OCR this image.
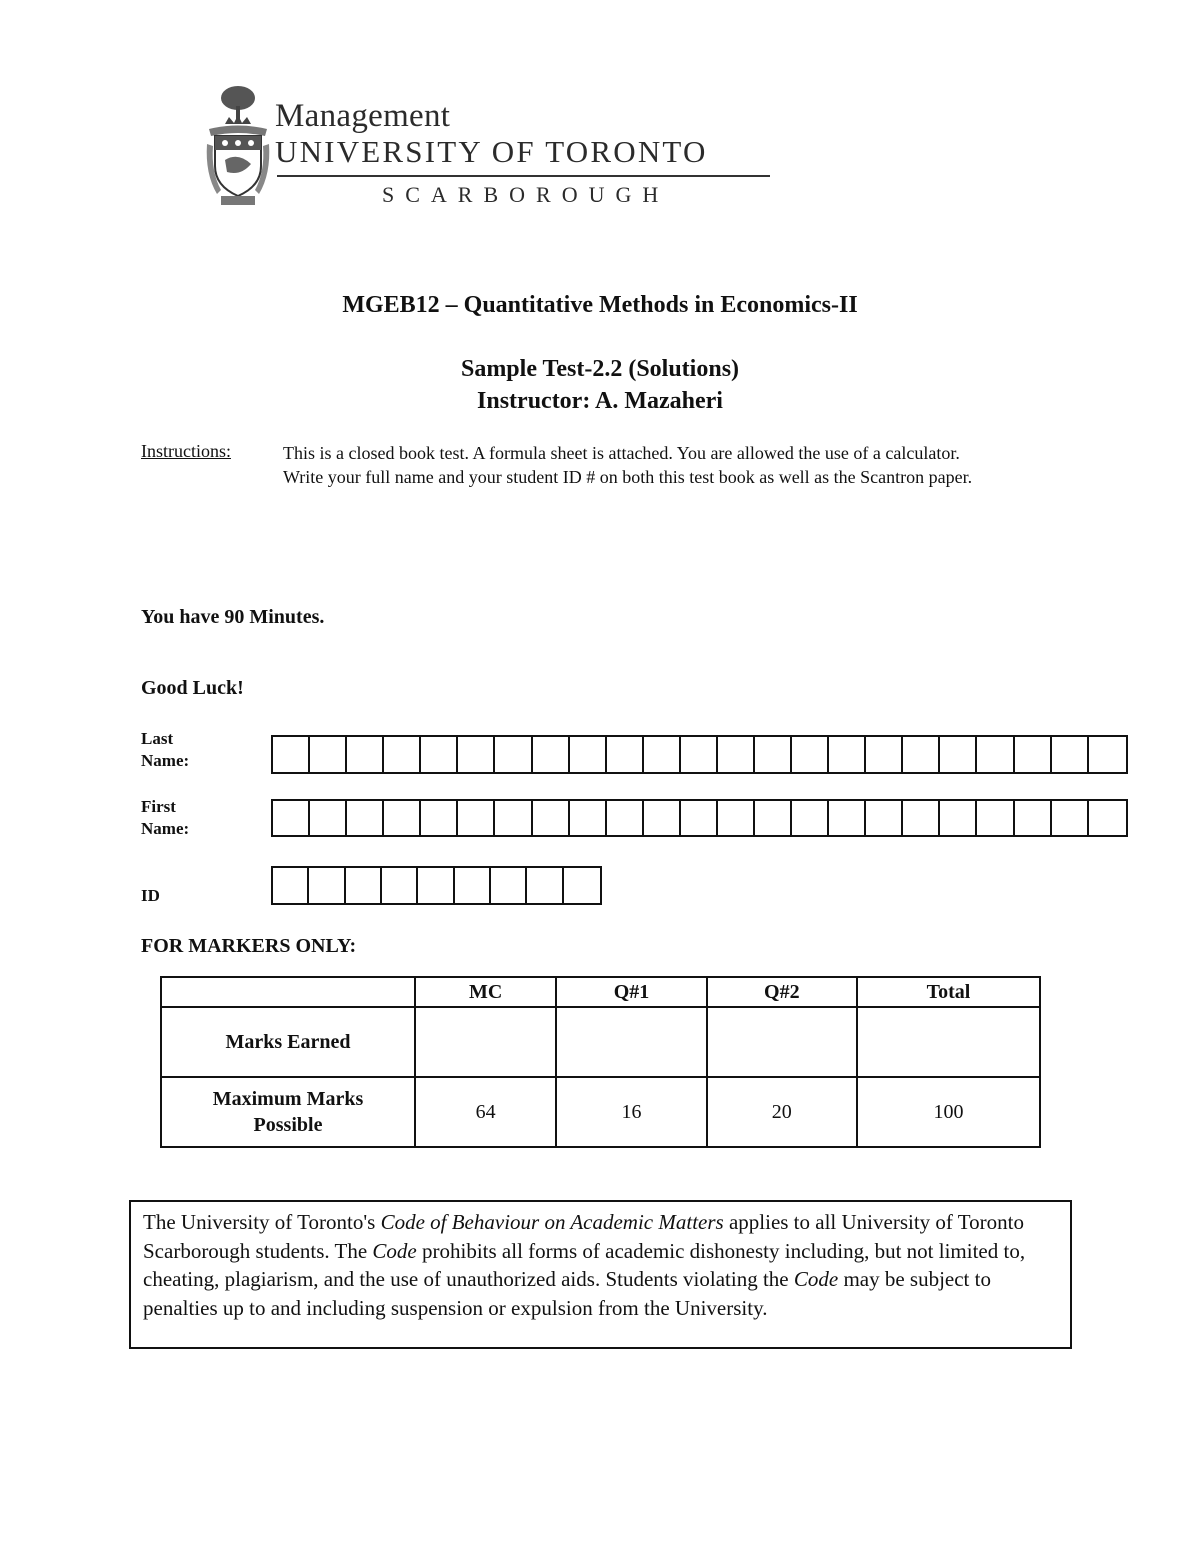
Management
UNIVERSITY OF TORONTO
SCARBOROUGH
MGEB12 – Quantitative Methods in Economics-II
Sample Test-2.2 (Solutions)
Instructor: A. Mazaheri
Instructions:	This is a closed book test. A formula sheet is attached. You are allowed the use of a calculator.

Write your full name and your student ID # on both this test book as well as the Scantron paper.

You have 90 Minutes.
Good Luck!
Last
Name:
First
Name:
ID
FOR MARKERS ONLY:
	MC	Q#1	Q#2	Total
Marks Earned				

Maximum Marks
Possible	64	16	20	100
The University of Toronto's Code of Behaviour on Academic Matters applies to all University of Toronto Scarborough students. The Code prohibits all forms of academic dishonesty including, but not limited to, cheating, plagiarism, and the use of unauthorized aids. Students violating the Code may be subject to penalties up to and including suspension or expulsion from the University.
